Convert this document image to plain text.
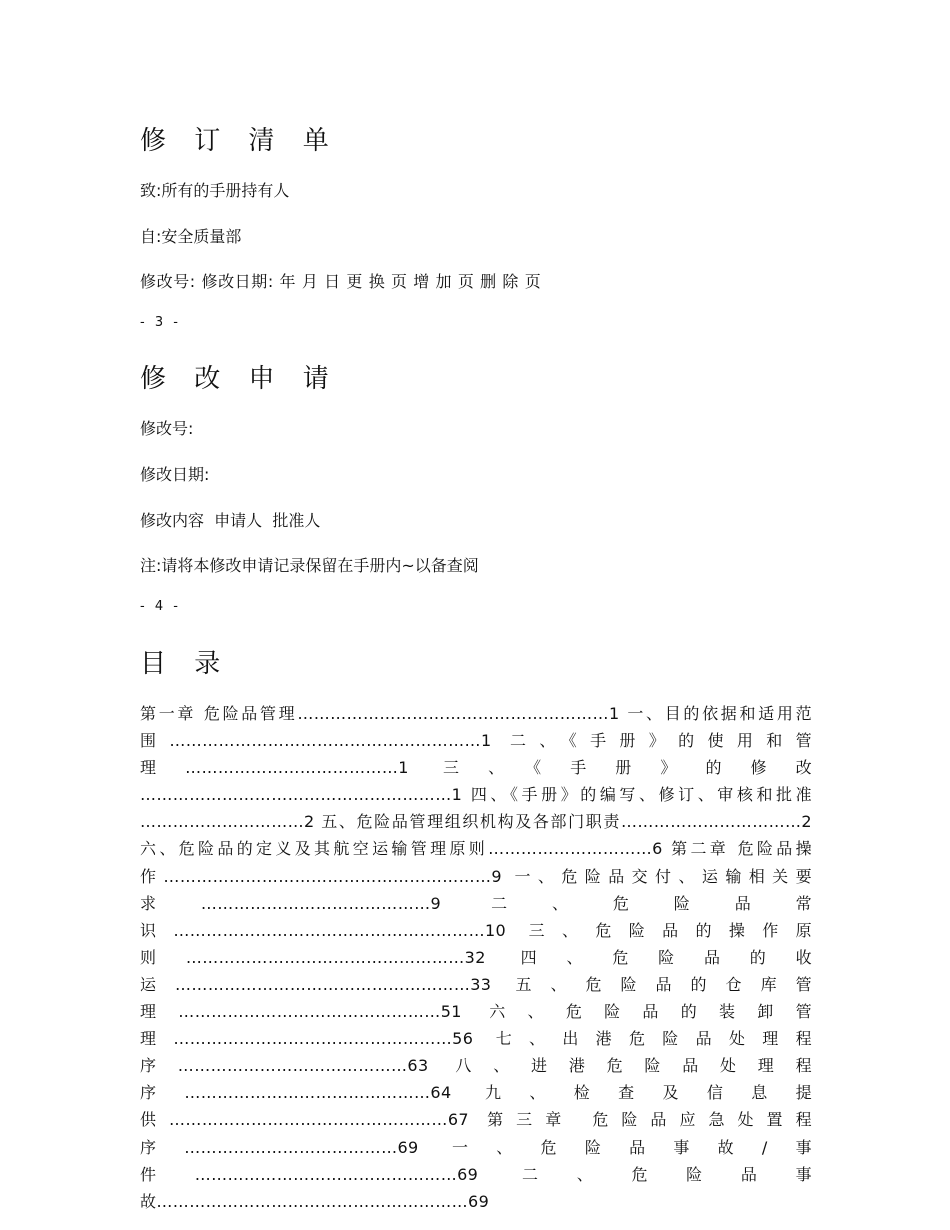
修 订 清 单

致:所有的手册持有人

自:安全质量部

修改号: 修改日期: 年 月 日 更 换 页 增 加 页 删 除 页

- 3 -

修 改 申 请

修改号:

修改日期:

修改内容  申请人  批准人

注:请将本修改申请记录保留在手册内~以备查阅

- 4 -

目 录

第一章 危险品管理…………………………………………………1 一、目的依据和适用范围…………………………………………………1 二、《手册》的使用和管理…………………………………1 三、《手册》的修改 …………………………………………………1 四、《手册》的编写、修订、审核和批准 …………………………2 五、危险品管理组织机构及各部门职责……………………………2 六、危险品的定义及其航空运输管理原则…………………………6 第二章 危险品操作……………………………………………………9 一、危险品交付、运输相关要求……………………………………9 二、危险品常识…………………………………………………10 三、危险品的操作原则……………………………………………32 四、危险品的收运………………………………………………33 五、危险品的仓库管理…………………………………………51 六、危险品的装卸管理……………………………………………56 七、出港危险品处理程序……………………………………63 八、进港危险品处理程序………………………………………64 九、检查及信息提供……………………………………………67 第三章 危险品应急处置程序…………………………………69 一、危险品事故/事件…………………………………………69 二、危险品事故…………………………………………………69
